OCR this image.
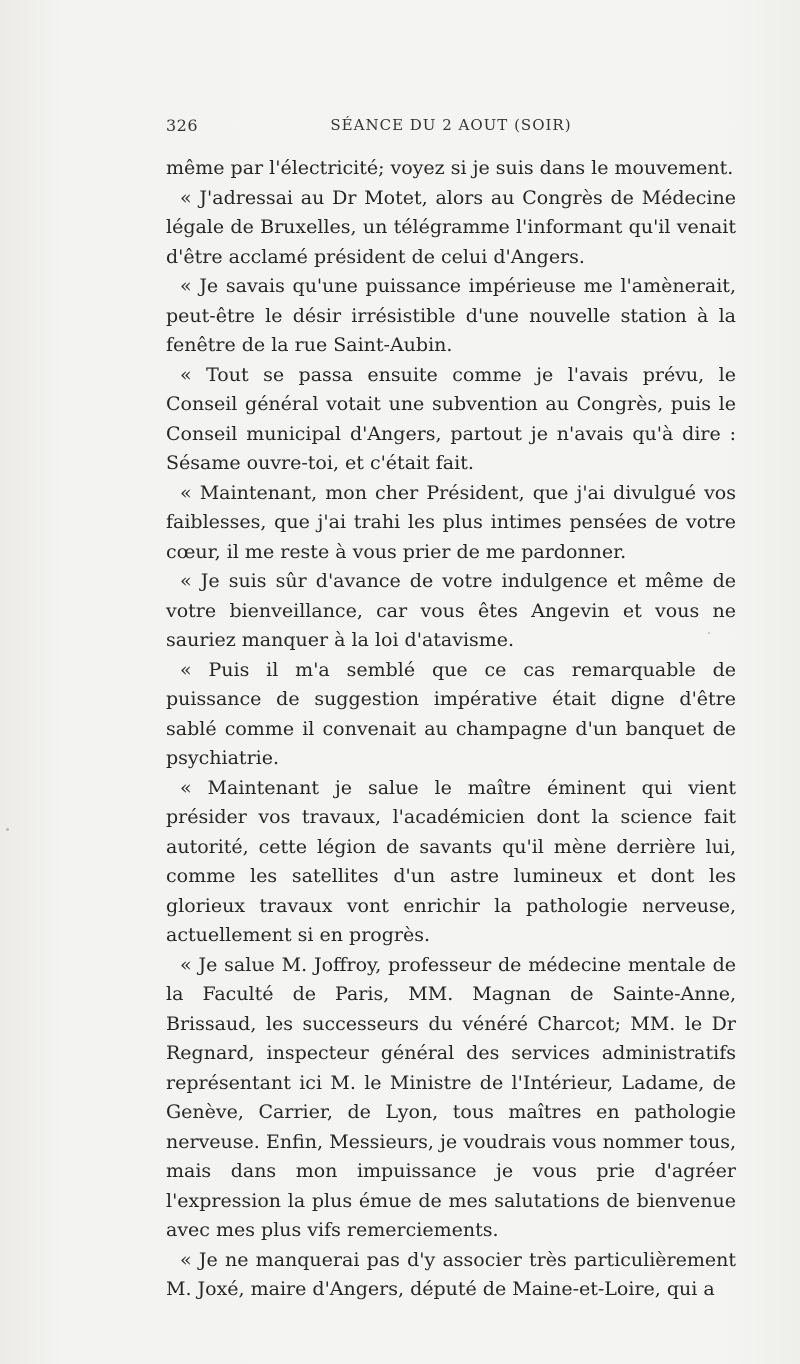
326	SÉANCE DU 2 AOUT (SOIR)

même par l'électricité; voyez si je suis dans le mouvement.

« J'adressai au Dr Motet, alors au Congrès de Médecine légale de Bruxelles, un télégramme l'informant qu'il venait d'être acclamé président de celui d'Angers.

« Je savais qu'une puissance impérieuse me l'amènerait, peut-être le désir irrésistible d'une nouvelle station à la fenêtre de la rue Saint-Aubin.

« Tout se passa ensuite comme je l'avais prévu, le Conseil général votait une subvention au Congrès, puis le Conseil municipal d'Angers, partout je n'avais qu'à dire : Sésame ouvre-toi, et c'était fait.

« Maintenant, mon cher Président, que j'ai divulgué vos faiblesses, que j'ai trahi les plus intimes pensées de votre cœur, il me reste à vous prier de me pardonner.

« Je suis sûr d'avance de votre indulgence et même de votre bienveillance, car vous êtes Angevin et vous ne sauriez manquer à la loi d'atavisme.

« Puis il m'a semblé que ce cas remarquable de puissance de suggestion impérative était digne d'être sablé comme il convenait au champagne d'un banquet de psychiatrie.

« Maintenant je salue le maître éminent qui vient présider vos travaux, l'académicien dont la science fait autorité, cette légion de savants qu'il mène derrière lui, comme les satellites d'un astre lumineux et dont les glorieux travaux vont enrichir la pathologie nerveuse, actuellement si en progrès.

« Je salue M. Joffroy, professeur de médecine mentale de la Faculté de Paris, MM. Magnan de Sainte-Anne, Brissaud, les successeurs du vénéré Charcot; MM. le Dr Regnard, inspecteur général des services administratifs représentant ici M. le Ministre de l'Intérieur, Ladame, de Genève, Carrier, de Lyon, tous maîtres en pathologie nerveuse. Enfin, Messieurs, je voudrais vous nommer tous, mais dans mon impuissance je vous prie d'agréer l'expression la plus émue de mes salutations de bienvenue avec mes plus vifs remerciements.

« Je ne manquerai pas d'y associer très particulièrement M. Joxé, maire d'Angers, député de Maine-et-Loire, qui a
